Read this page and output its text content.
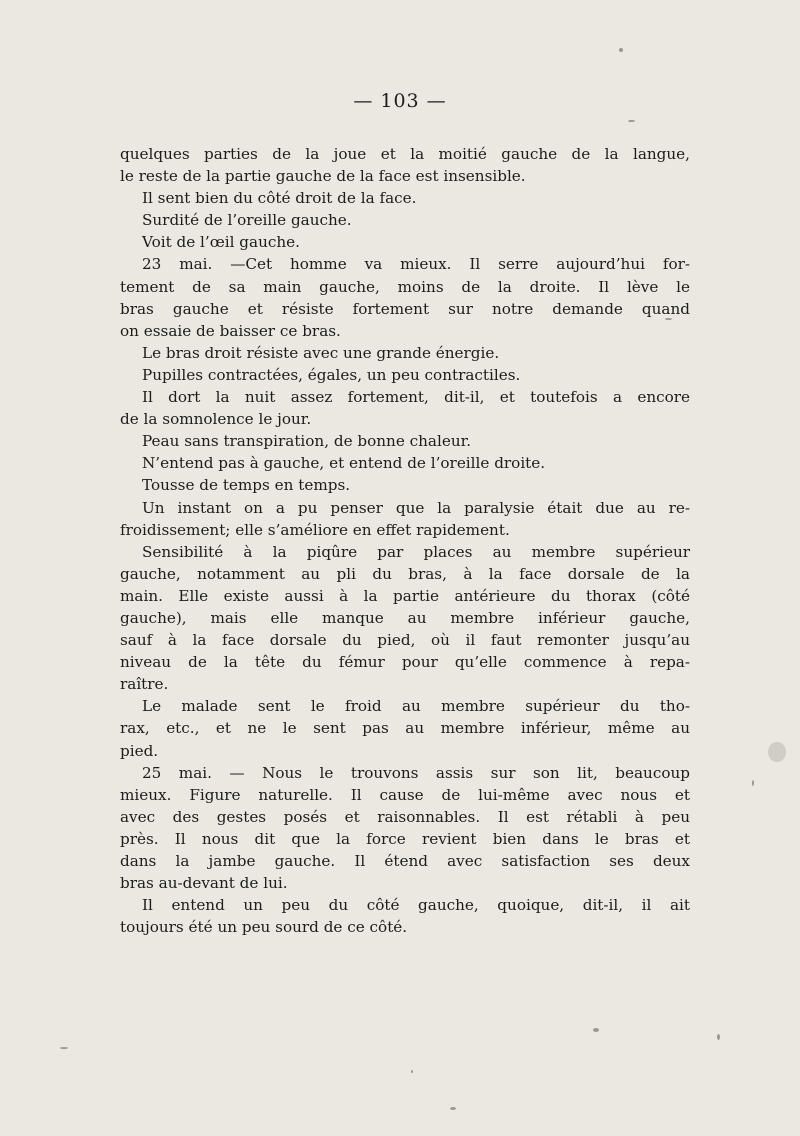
— 103 —
quelques parties de la joue et la moitié gauche de la langue,
le reste de la partie gauche de la face est insensible.
Il sent bien du côté droit de la face.
Surdité de l’oreille gauche.
Voit de l’œil gauche.
23 mai. —Cet homme va mieux. Il serre aujourd’hui for-
tement de sa main gauche, moins de la droite. Il lève le
bras gauche et résiste fortement sur notre demande quand
on essaie de baisser ce bras.
Le bras droit résiste avec une grande énergie.
Pupilles contractées, égales, un peu contractiles.
Il dort la nuit assez fortement, dit-il, et toutefois a encore
de la somnolence le jour.
Peau sans transpiration, de bonne chaleur.
N’entend pas à gauche, et entend de l’oreille droite.
Tousse de temps en temps.
Un instant on a pu penser que la paralysie était due au re-
froidissement; elle s’améliore en effet rapidement.
Sensibilité à la piqûre par places au membre supérieur
gauche, notamment au pli du bras, à la face dorsale de la
main. Elle existe aussi à la partie antérieure du thorax (côté
gauche), mais elle manque au membre inférieur gauche,
sauf à la face dorsale du pied, où il faut remonter jusqu’au
niveau de la tête du fémur pour qu’elle commence à repa-
raître.
Le malade sent le froid au membre supérieur du tho-
rax, etc., et ne le sent pas au membre inférieur, même au
pied.
25 mai. — Nous le trouvons assis sur son lit, beaucoup
mieux. Figure naturelle. Il cause de lui-même avec nous et
avec des gestes posés et raisonnables. Il est rétabli à peu
près. Il nous dit que la force revient bien dans le bras et
dans la jambe gauche. Il étend avec satisfaction ses deux
bras au-devant de lui.
Il entend un peu du côté gauche, quoique, dit-il, il ait
toujours été un peu sourd de ce côté.
